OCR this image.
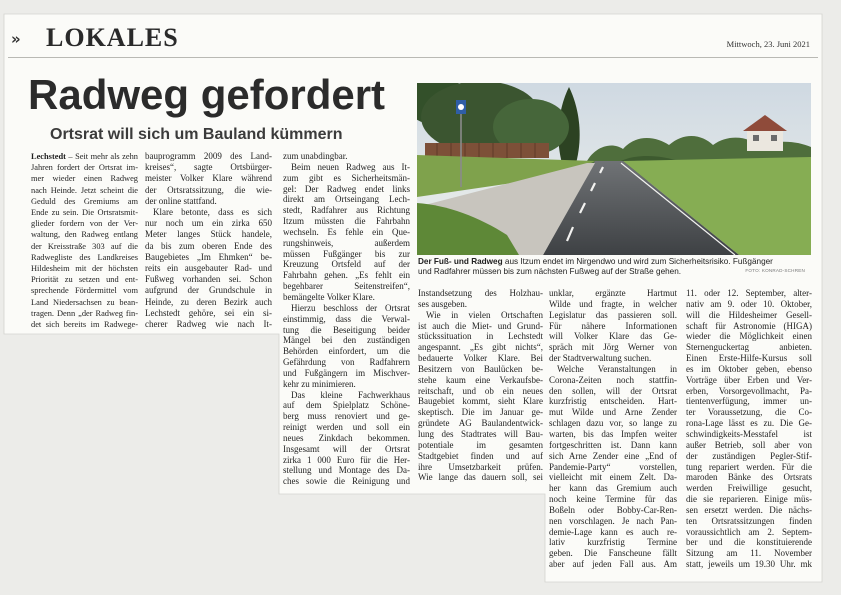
» LOKALES	Mittwoch, 23. Juni 2021
Radweg gefordert
Ortsrat will sich um Bauland kümmern
Lechstedt – Seit mehr als zehn
Jahren fordert der Ortsrat im-
mer wieder einen Radweg
nach Heinde. Jetzt scheint die
Geduld des Gremiums am
Ende zu sein. Die Ortsratsmit-
glieder fordern von der Ver-
waltung, den Radweg entlang
der Kreisstraße 303 auf die
Radwegliste des Landkreises
Hildesheim mit der höchsten
Priorität zu setzen und ent-
sprechende Fördermittel vom
Land Niedersachsen zu bean-
tragen. Denn „der Radweg fin-
det sich bereits im Radwege-
bauprogramm 2009 des Land-
kreises“, sagte Ortsbürger-
meister Volker Klare während
der Ortsratssitzung, die wie-
der online stattfand.
Klare betonte, dass es sich
nur noch um ein zirka 650
Meter langes Stück handele,
da bis zum oberen Ende des
Baugebietes „Im Ehmken“ be-
reits ein ausgebauter Rad- und
Fußweg vorhanden sei. Schon
aufgrund der Grundschule in
Heinde, zu deren Bezirk auch
Lechstedt gehöre, sei ein si-
cherer Radweg wie nach It-
zum unabdingbar.
Beim neuen Radweg aus It-
zum gibt es Sicherheitsmän-
gel: Der Radweg endet links
direkt am Ortseingang Lech-
stedt, Radfahrer aus Richtung
Itzum müssten die Fahrbahn
wechseln. Es fehle ein Que-
rungshinweis, außerdem
müssen Fußgänger bis zur
Kreuzung Ortsfeld auf der
Fahrbahn gehen. „Es fehlt ein
begehbarer Seitenstreifen“,
bemängelte Volker Klare.
Hierzu beschloss der Ortsrat
einstimmig, dass die Verwal-
tung die Beseitigung beider
Mängel bei den zuständigen
Behörden einfordert, um die
Gefährdung von Radfahrern
und Fußgängern im Mischver-
kehr zu minimieren.
Das kleine Fachwerkhaus
auf dem Spielplatz Schöne-
berg muss renoviert und ge-
reinigt werden und soll ein
neues Zinkdach bekommen.
Insgesamt will der Ortsrat
zirka 1 000 Euro für die Her-
stellung und Montage des Da-
ches sowie die Reinigung und
Instandsetzung des Holzhau-
ses ausgeben.
Wie in vielen Ortschaften
ist auch die Miet- und Grund-
stückssituation in Lechstedt
angespannt. „Es gibt nichts“,
bedauerte Volker Klare. Bei
Besitzern von Baulücken be-
stehe kaum eine Verkaufsbe-
reitschaft, und ob ein neues
Baugebiet kommt, sieht Klare
skeptisch. Die im Januar ge-
gründete AG Baulandentwick-
lung des Stadtrates will Bau-
potentiale im gesamten
Stadtgebiet finden und auf
ihre Umsetzbarkeit prüfen.
Wie lange das dauern soll, sei
unklar, ergänzte Hartmut
Wilde und fragte, in welcher
Legislatur das passieren soll.
Für nähere Informationen
will Volker Klare das Ge-
spräch mit Jörg Werner von
der Stadtverwaltung suchen.
Welche Veranstaltungen in
Corona-Zeiten noch stattfin-
den sollen, will der Ortsrat
kurzfristig entscheiden. Hart-
mut Wilde und Arne Zender
schlagen dazu vor, so lange zu
warten, bis das Impfen weiter
fortgeschritten ist. Dann kann
sich Arne Zender eine „End of
Pandemie-Party“ vorstellen,
vielleicht mit einem Zelt. Da-
her kann das Gremium auch
noch keine Termine für das
Boßeln oder Bobby-Car-Ren-
nen vorschlagen. Je nach Pan-
demie-Lage kann es auch re-
lativ kurzfristig Termine
geben. Die Fanscheune fällt
aber auf jeden Fall aus. Am
11. oder 12. September, alter-
nativ am 9. oder 10. Oktober,
will die Hildesheimer Gesell-
schaft für Astronomie (HIGA)
wieder die Möglichkeit einen
Sternenguckertag anbieten.
Einen Erste-Hilfe-Kursus soll
es im Oktober geben, ebenso
Vorträge über Erben und Ver-
erben, Vorsorgevollmacht, Pa-
tientenverfügung, immer un-
ter Voraussetzung, die Co-
rona-Lage lässt es zu. Die Ge-
schwindigkeits-Messtafel ist
außer Betrieb, soll aber von
der zuständigen Pegler-Stif-
tung repariert werden. Für die
maroden Bänke des Ortsrats
werden Freiwillige gesucht,
die sie reparieren. Einige müs-
sen ersetzt werden. Die nächs-
ten Ortsratssitzungen finden
voraussichtlich am 2. Septem-
ber und die konstituierende
Sitzung am 11. November
statt, jeweils um 19.30 Uhr. mk
Der Fuß- und Radweg aus Itzum endet im Nirgendwo und wird zum Sicherheitsrisiko. Fußgänger
und Radfahrer müssen bis zum nächsten Fußweg auf der Straße gehen.	FOTO: KONRAD-SCHREN
